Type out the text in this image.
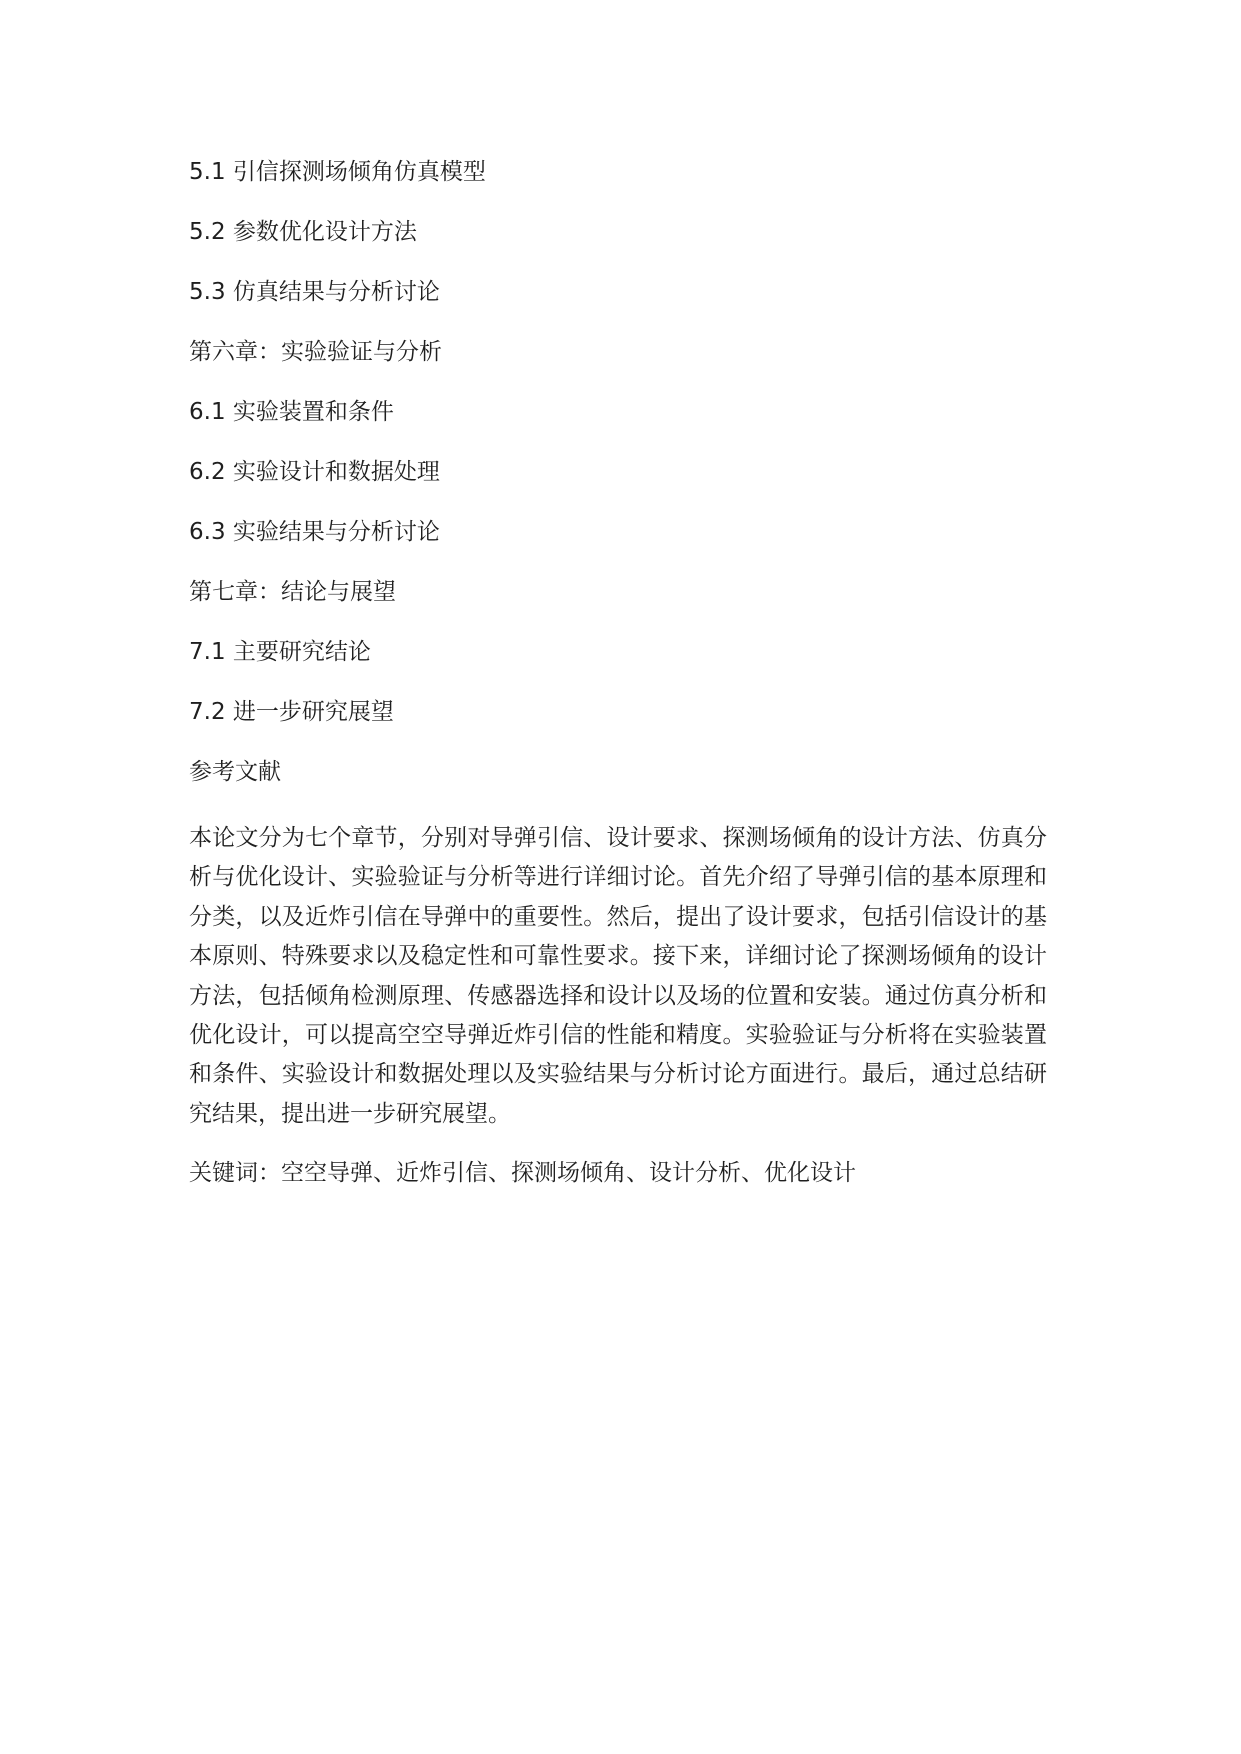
5.1 引信探测场倾角仿真模型

5.2 参数优化设计方法

5.3 仿真结果与分析讨论

第六章：实验验证与分析

6.1 实验装置和条件

6.2 实验设计和数据处理

6.3 实验结果与分析讨论

第七章：结论与展望

7.1 主要研究结论

7.2 进一步研究展望

参考文献

本论文分为七个章节，分别对导弹引信、设计要求、探测场倾角的设计方法、仿真分析与优化设计、实验验证与分析等进行详细讨论。首先介绍了导弹引信的基本原理和分类，以及近炸引信在导弹中的重要性。然后，提出了设计要求，包括引信设计的基本原则、特殊要求以及稳定性和可靠性要求。接下来，详细讨论了探测场倾角的设计方法，包括倾角检测原理、传感器选择和设计以及场的位置和安装。通过仿真分析和优化设计，可以提高空空导弹近炸引信的性能和精度。实验验证与分析将在实验装置和条件、实验设计和数据处理以及实验结果与分析讨论方面进行。最后，通过总结研究结果，提出进一步研究展望。

关键词：空空导弹、近炸引信、探测场倾角、设计分析、优化设计
